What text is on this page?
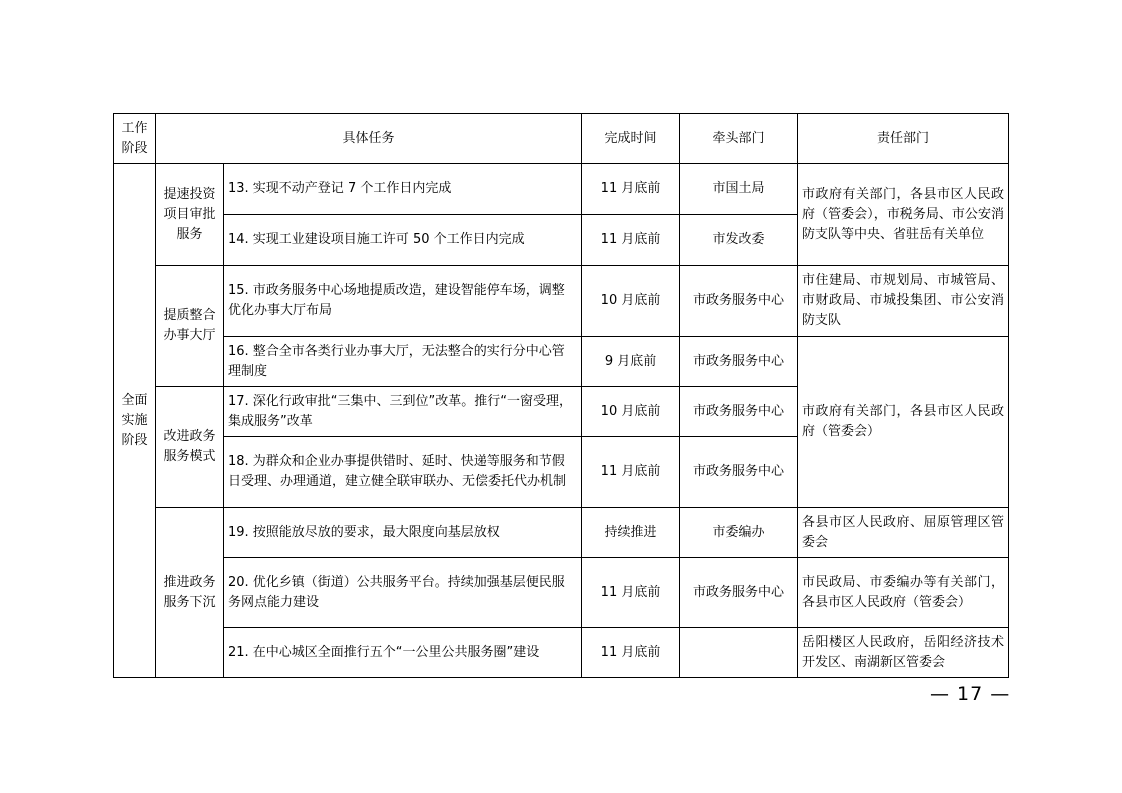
工作阶段	具体任务		完成时间	牵头部门	责任部门
全面实施阶段	提速投资项目审批服务	13. 实现不动产登记 7 个工作日内完成	11 月底前	市国土局	市政府有关部门，各县市区人民政府（管委会），市税务局、市公安消防支队等中央、省驻岳有关单位
		14. 实现工业建设项目施工许可 50 个工作日内完成	11 月底前	市发改委	
	提质整合办事大厅	15. 市政务服务中心场地提质改造，建设智能停车场，调整优化办事大厅布局	10 月底前	市政务服务中心	市住建局、市规划局、市城管局、市财政局、市城投集团、市公安消防支队
		16. 整合全市各类行业办事大厅，无法整合的实行分中心管理制度	9 月底前	市政务服务中心	市政府有关部门，各县市区人民政府（管委会）
	改进政务服务模式	17. 深化行政审批“三集中、三到位”改革。推行“一窗受理，集成服务”改革	10 月底前	市政务服务中心	
		18. 为群众和企业办事提供错时、延时、快递等服务和节假日受理、办理通道，建立健全联审联办、无偿委托代办机制	11 月底前	市政务服务中心	
	推进政务服务下沉	19. 按照能放尽放的要求，最大限度向基层放权	持续推进	市委编办	各县市区人民政府、屈原管理区管委会
		20. 优化乡镇（街道）公共服务平台。持续加强基层便民服务网点能力建设	11 月底前	市政务服务中心	市民政局、市委编办等有关部门，各县市区人民政府（管委会）
		21. 在中心城区全面推行五个“一公里公共服务圈”建设	11 月底前		岳阳楼区人民政府，岳阳经济技术开发区、南湖新区管委会
— 17 —
